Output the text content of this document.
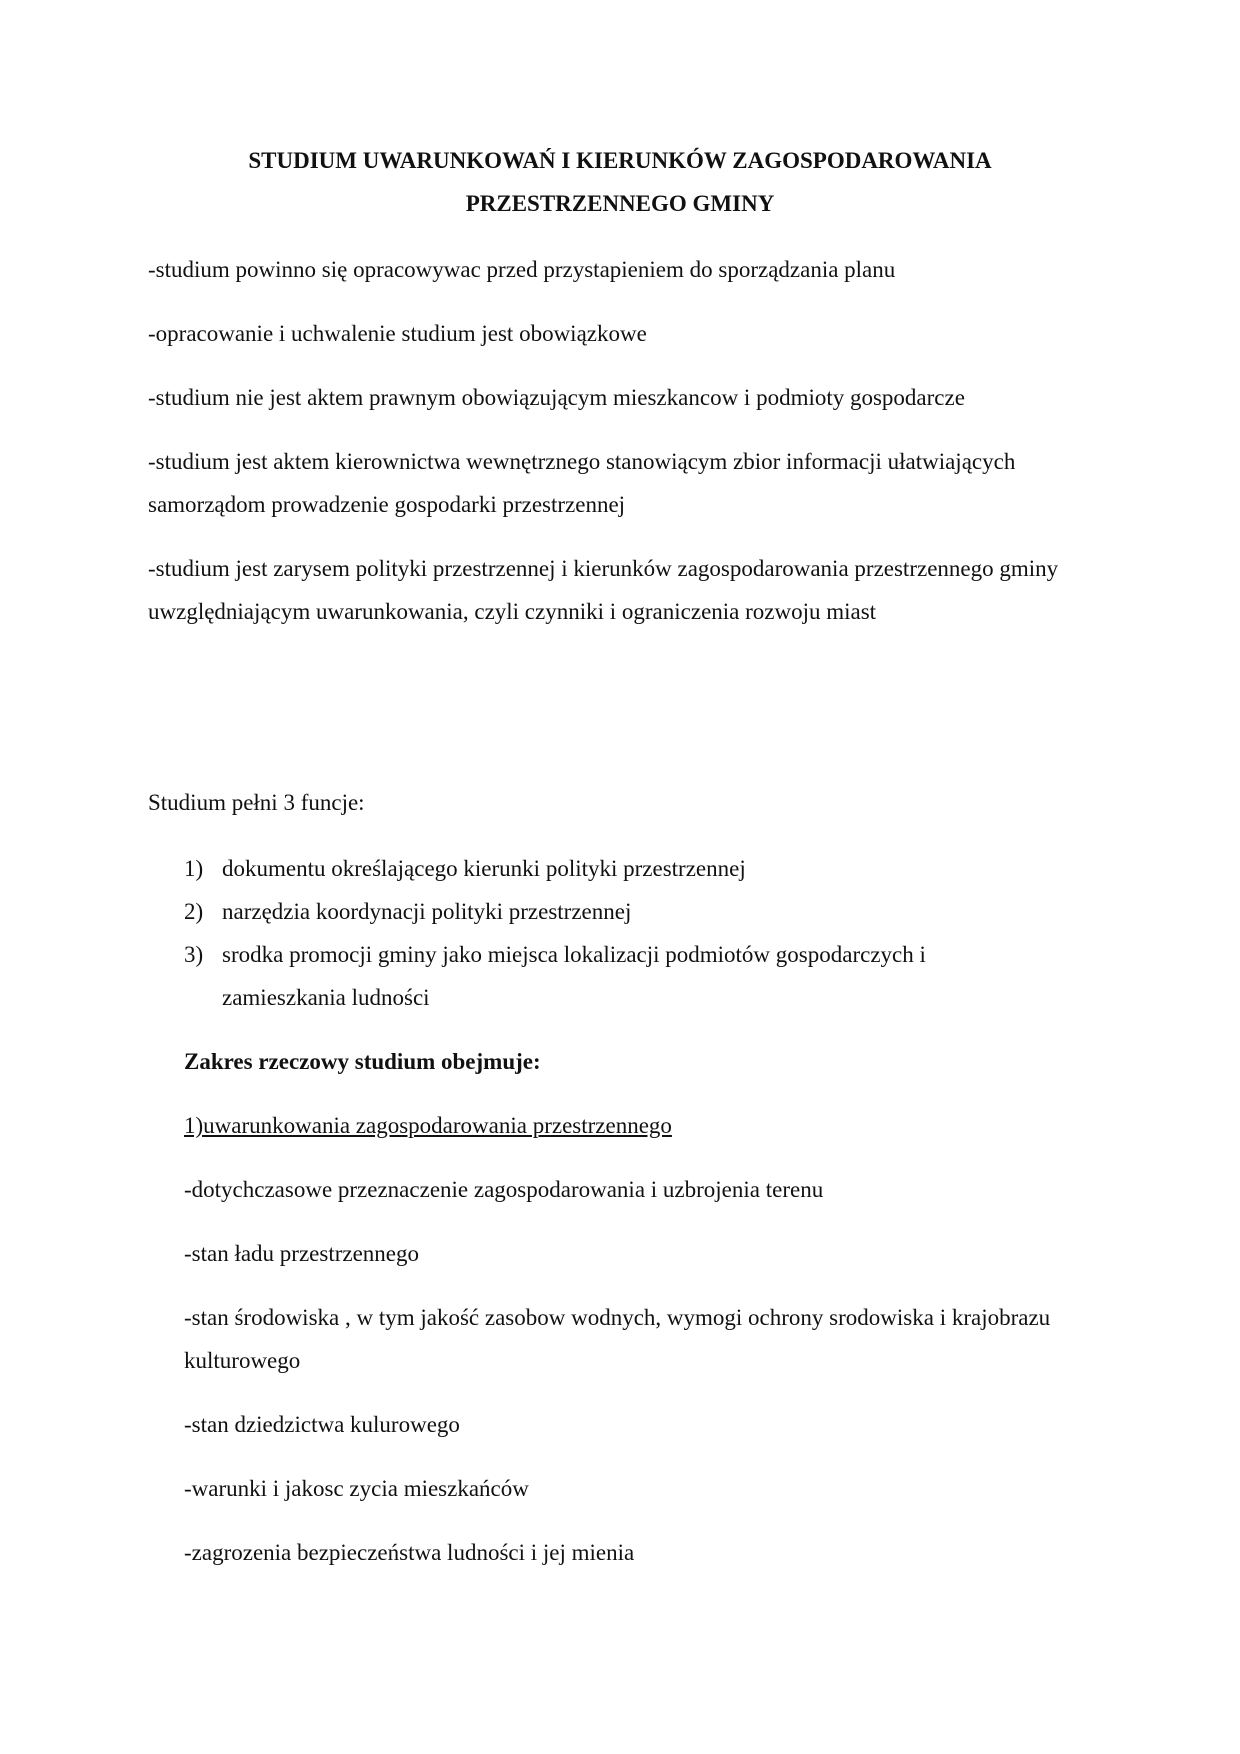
STUDIUM UWARUNKOWAŃ I KIERUNKÓW ZAGOSPODAROWANIA

PRZESTRZENNEGO GMINY

-studium powinno się opracowywac przed przystapieniem do sporządzania planu

-opracowanie i uchwalenie studium jest obowiązkowe

-studium nie jest aktem prawnym obowiązującym mieszkancow i podmioty gospodarcze

-studium jest aktem kierownictwa wewnętrznego stanowiącym zbior informacji ułatwiających samorządom prowadzenie gospodarki przestrzennej

-studium jest zarysem polityki przestrzennej i kierunków zagospodarowania przestrzennego gminy uwzględniającym uwarunkowania, czyli czynniki i ograniczenia rozwoju miast

Studium pełni 3 funcje:

1) dokumentu określającego kierunki polityki przestrzennej
2) narzędzia koordynacji polityki przestrzennej
3) srodka promocji gminy jako miejsca lokalizacji podmiotów gospodarczych i zamieszkania ludności

Zakres rzeczowy studium obejmuje:

1)uwarunkowania zagospodarowania przestrzennego

-dotychczasowe przeznaczenie zagospodarowania i uzbrojenia terenu

-stan ładu przestrzennego

-stan środowiska , w tym jakość zasobow wodnych, wymogi ochrony srodowiska i krajobrazu kulturowego

-stan dziedzictwa kulurowego

-warunki i jakosc zycia mieszkańców

-zagrozenia bezpieczeństwa ludności i jej mienia
